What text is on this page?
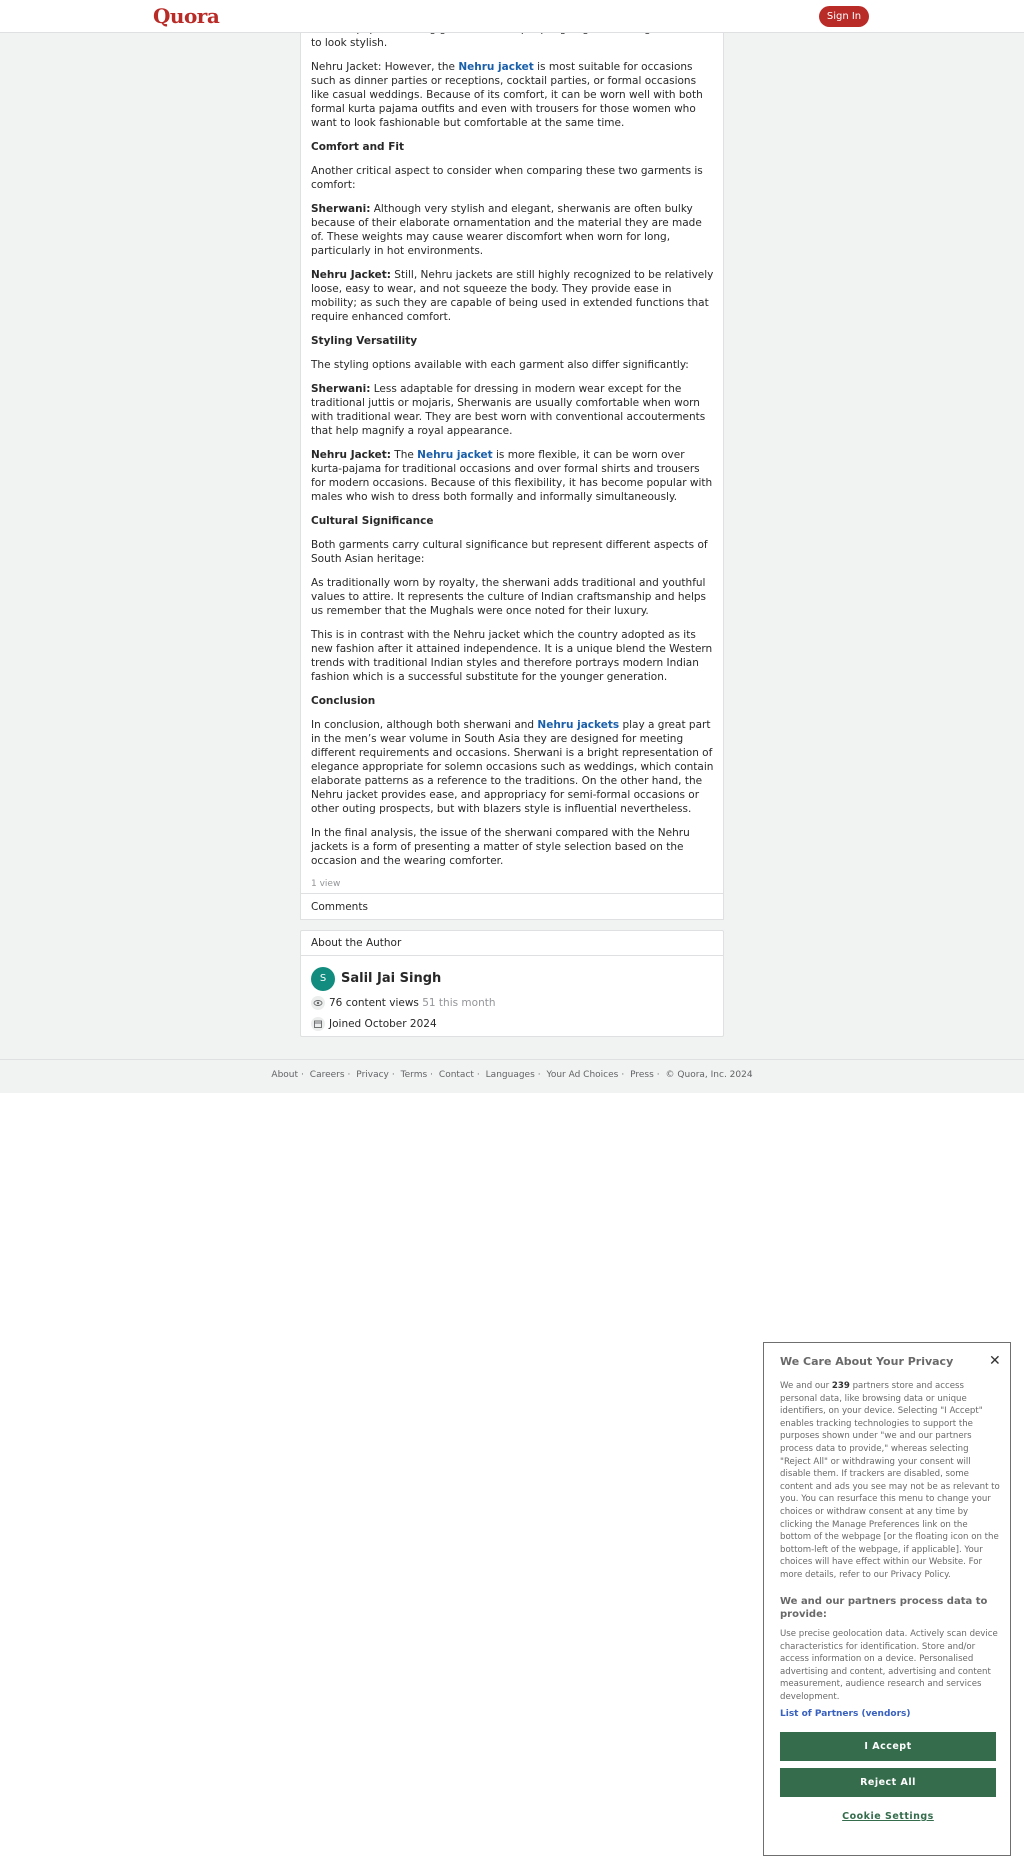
Quora	Sign In

to look stylish.

Nehru Jacket: However, the Nehru jacket is most suitable for occasions such as dinner parties or receptions, cocktail parties, or formal occasions like casual weddings. Because of its comfort, it can be worn well with both formal kurta pajama outfits and even with trousers for those women who want to look fashionable but comfortable at the same time.

Comfort and Fit

Another critical aspect to consider when comparing these two garments is comfort:

Sherwani: Although very stylish and elegant, sherwanis are often bulky because of their elaborate ornamentation and the material they are made of. These weights may cause wearer discomfort when worn for long, particularly in hot environments.

Nehru Jacket: Still, Nehru jackets are still highly recognized to be relatively loose, easy to wear, and not squeeze the body. They provide ease in mobility; as such they are capable of being used in extended functions that require enhanced comfort.

Styling Versatility

The styling options available with each garment also differ significantly:

Sherwani: Less adaptable for dressing in modern wear except for the traditional juttis or mojaris, Sherwanis are usually comfortable when worn with traditional wear. They are best worn with conventional accouterments that help magnify a royal appearance.

Nehru Jacket: The Nehru jacket is more flexible, it can be worn over kurta-pajama for traditional occasions and over formal shirts and trousers for modern occasions. Because of this flexibility, it has become popular with males who wish to dress both formally and informally simultaneously.

Cultural Significance

Both garments carry cultural significance but represent different aspects of South Asian heritage:

As traditionally worn by royalty, the sherwani adds traditional and youthful values to attire. It represents the culture of Indian craftsmanship and helps us remember that the Mughals were once noted for their luxury.

This is in contrast with the Nehru jacket which the country adopted as its new fashion after it attained independence. It is a unique blend the Western trends with traditional Indian styles and therefore portrays modern Indian fashion which is a successful substitute for the younger generation.

Conclusion

In conclusion, although both sherwani and Nehru jackets play a great part in the men’s wear volume in South Asia they are designed for meeting different requirements and occasions. Sherwani is a bright representation of elegance appropriate for solemn occasions such as weddings, which contain elaborate patterns as a reference to the traditions. On the other hand, the Nehru jacket provides ease, and appropriacy for semi-formal occasions or other outing prospects, but with blazers style is influential nevertheless.

In the final analysis, the issue of the sherwani compared with the Nehru jackets is a form of presenting a matter of style selection based on the occasion and the wearing comforter.

1 view
Comments
About the Author
S	Salil Jai Singh
76 content views 51 this month
Joined October 2024
About · Careers · Privacy · Terms · Contact · Languages · Your Ad Choices · Press · © Quora, Inc. 2024
We Care About Your Privacy	✕
We and our 239 partners store and access personal data, like browsing data or unique identifiers, on your device. Selecting "I Accept" enables tracking technologies to support the purposes shown under "we and our partners process data to provide," whereas selecting "Reject All" or withdrawing your consent will disable them. If trackers are disabled, some content and ads you see may not be as relevant to you. You can resurface this menu to change your choices or withdraw consent at any time by clicking the Manage Preferences link on the bottom of the webpage [or the floating icon on the bottom-left of the webpage, if applicable]. Your choices will have effect within our Website. For more details, refer to our Privacy Policy.
We and our partners process data to provide:
Use precise geolocation data. Actively scan device characteristics for identification. Store and/or access information on a device. Personalised advertising and content, advertising and content measurement, audience research and services development.
List of Partners (vendors)
I Accept
Reject All
Cookie Settings
